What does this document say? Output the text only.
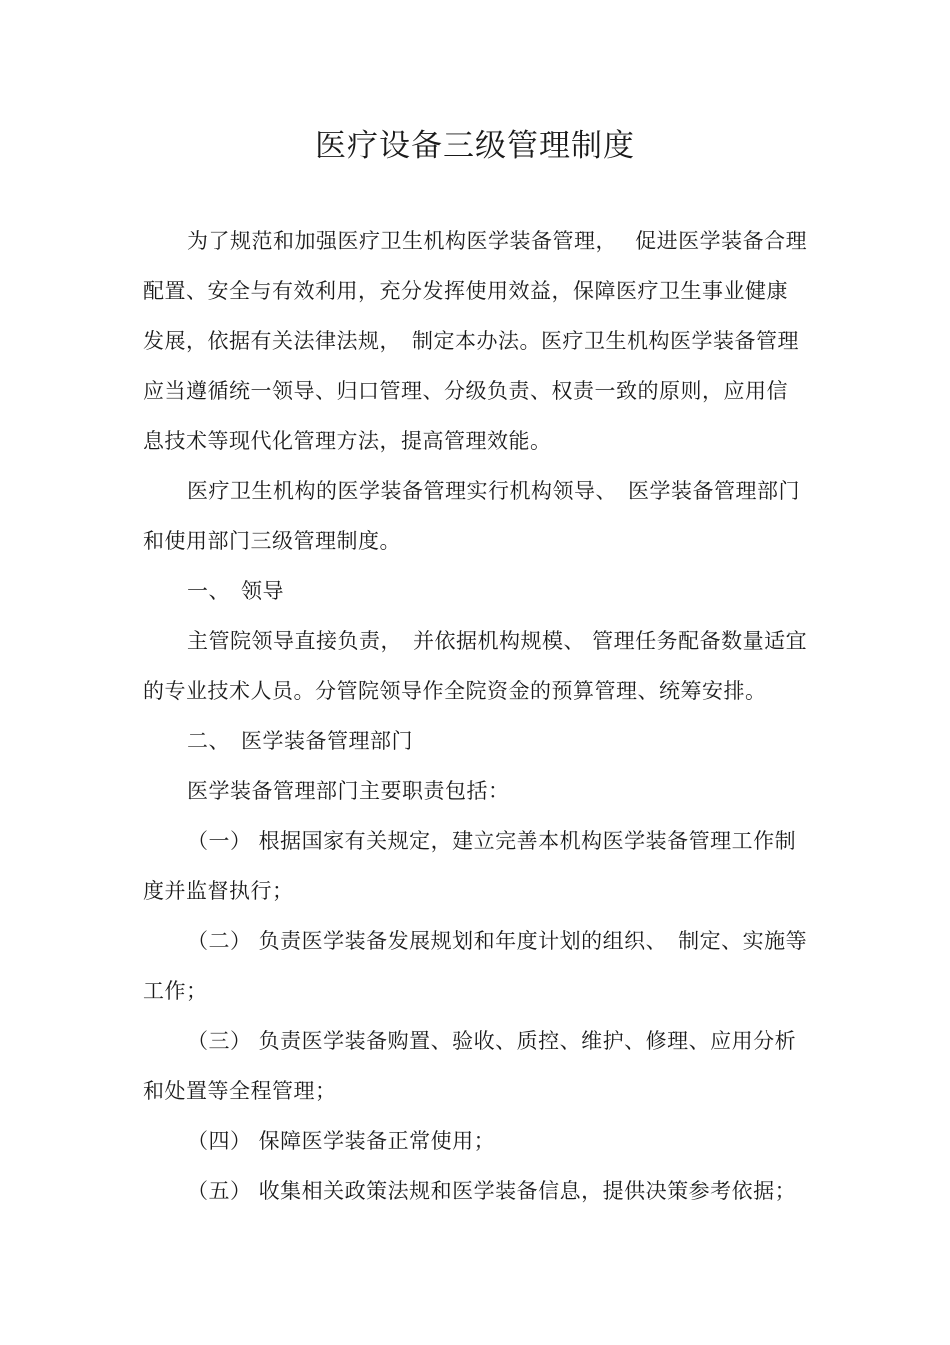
医疗设备三级管理制度
为了规范和加强医疗卫生机构医学装备管理，　 促进医学装备合理
配置、安全与有效利用，充分发挥使用效益，保障医疗卫生事业健康
发展，依据有关法律法规，　制定本办法。医疗卫生机构医学装备管理
应当遵循统一领导、归口管理、分级负责、权责一致的原则，应用信
息技术等现代化管理方法，提高管理效能。
医疗卫生机构的医学装备管理实行机构领导、　医学装备管理部门
和使用部门三级管理制度。
一、　领导
主管院领导直接负责，　并依据机构规模、 管理任务配备数量适宜
的专业技术人员。分管院领导作全院资金的预算管理、统筹安排。
二、　医学装备管理部门
医学装备管理部门主要职责包括：
（一） 根据国家有关规定，建立完善本机构医学装备管理工作制
度并监督执行；
（二） 负责医学装备发展规划和年度计划的组织、　制定、实施等
工作；
（三） 负责医学装备购置、验收、质控、维护、修理、应用分析
和处置等全程管理；
（四） 保障医学装备正常使用；
（五） 收集相关政策法规和医学装备信息，提供决策参考依据；
